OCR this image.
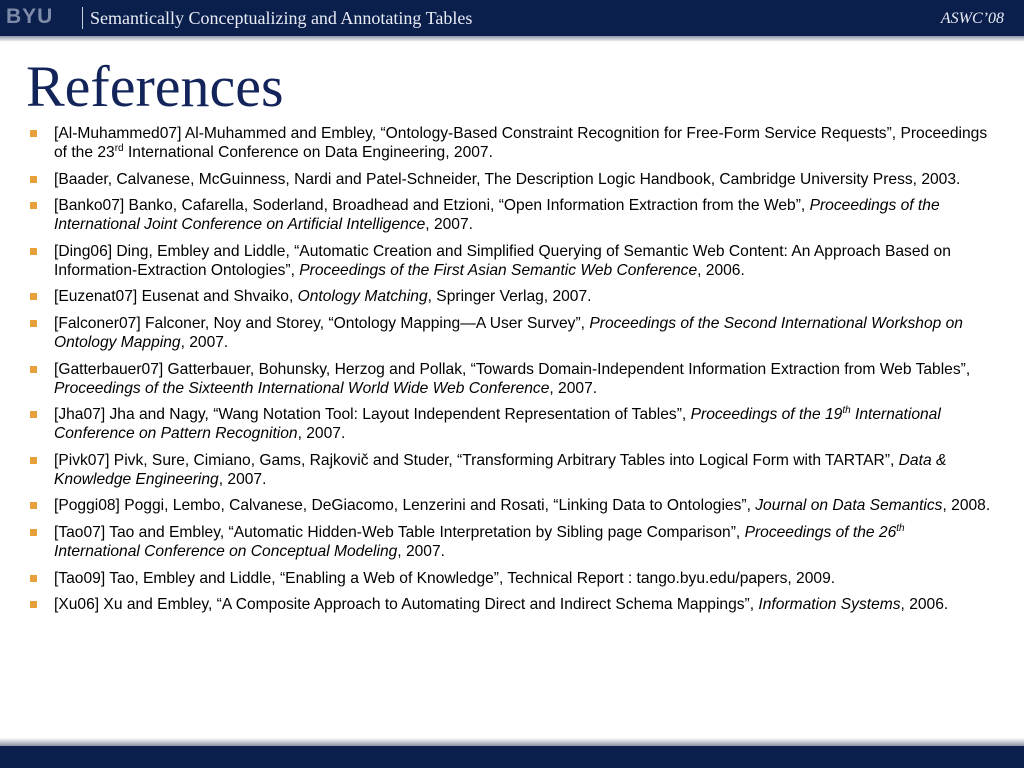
BYU Semantically Conceptualizing and Annotating Tables	ASWC’08
References
[Al-Muhammed07] Al-Muhammed and Embley, “Ontology-Based Constraint Recognition for Free-Form Service Requests”, Proceedings of the 23rd International Conference on Data Engineering, 2007.
[Baader, Calvanese, McGuinness, Nardi and Patel-Schneider, The Description Logic Handbook, Cambridge University Press, 2003.
[Banko07] Banko, Cafarella, Soderland, Broadhead and Etzioni, “Open Information Extraction from the Web”, Proceedings of the International Joint Conference on Artificial Intelligence, 2007.
[Ding06] Ding, Embley and Liddle, “Automatic Creation and Simplified Querying of Semantic Web Content: An Approach Based on Information-Extraction Ontologies”, Proceedings of the First Asian Semantic Web Conference, 2006.
[Euzenat07] Eusenat and Shvaiko, Ontology Matching, Springer Verlag, 2007.
[Falconer07] Falconer, Noy and Storey, “Ontology Mapping—A User Survey”, Proceedings of the Second International Workshop on Ontology Mapping, 2007.
[Gatterbauer07] Gatterbauer, Bohunsky, Herzog and Pollak, “Towards Domain-Independent Information Extraction from Web Tables”, Proceedings of the Sixteenth International World Wide Web Conference, 2007.
[Jha07] Jha and Nagy, “Wang Notation Tool: Layout Independent Representation of Tables”, Proceedings of the 19th International Conference on Pattern Recognition, 2007.
[Pivk07] Pivk, Sure, Cimiano, Gams, Rajkovič and Studer, “Transforming Arbitrary Tables into Logical Form with TARTAR”, Data & Knowledge Engineering, 2007.
[Poggi08] Poggi, Lembo, Calvanese, DeGiacomo, Lenzerini and Rosati, “Linking Data to Ontologies”, Journal on Data Semantics, 2008.
[Tao07] Tao and Embley, “Automatic Hidden-Web Table Interpretation by Sibling page Comparison”, Proceedings of the 26th International Conference on Conceptual Modeling, 2007.
[Tao09] Tao, Embley and Liddle, “Enabling a Web of Knowledge”, Technical Report : tango.byu.edu/papers, 2009.
[Xu06] Xu and Embley, “A Composite Approach to Automating Direct and Indirect Schema Mappings”, Information Systems, 2006.
